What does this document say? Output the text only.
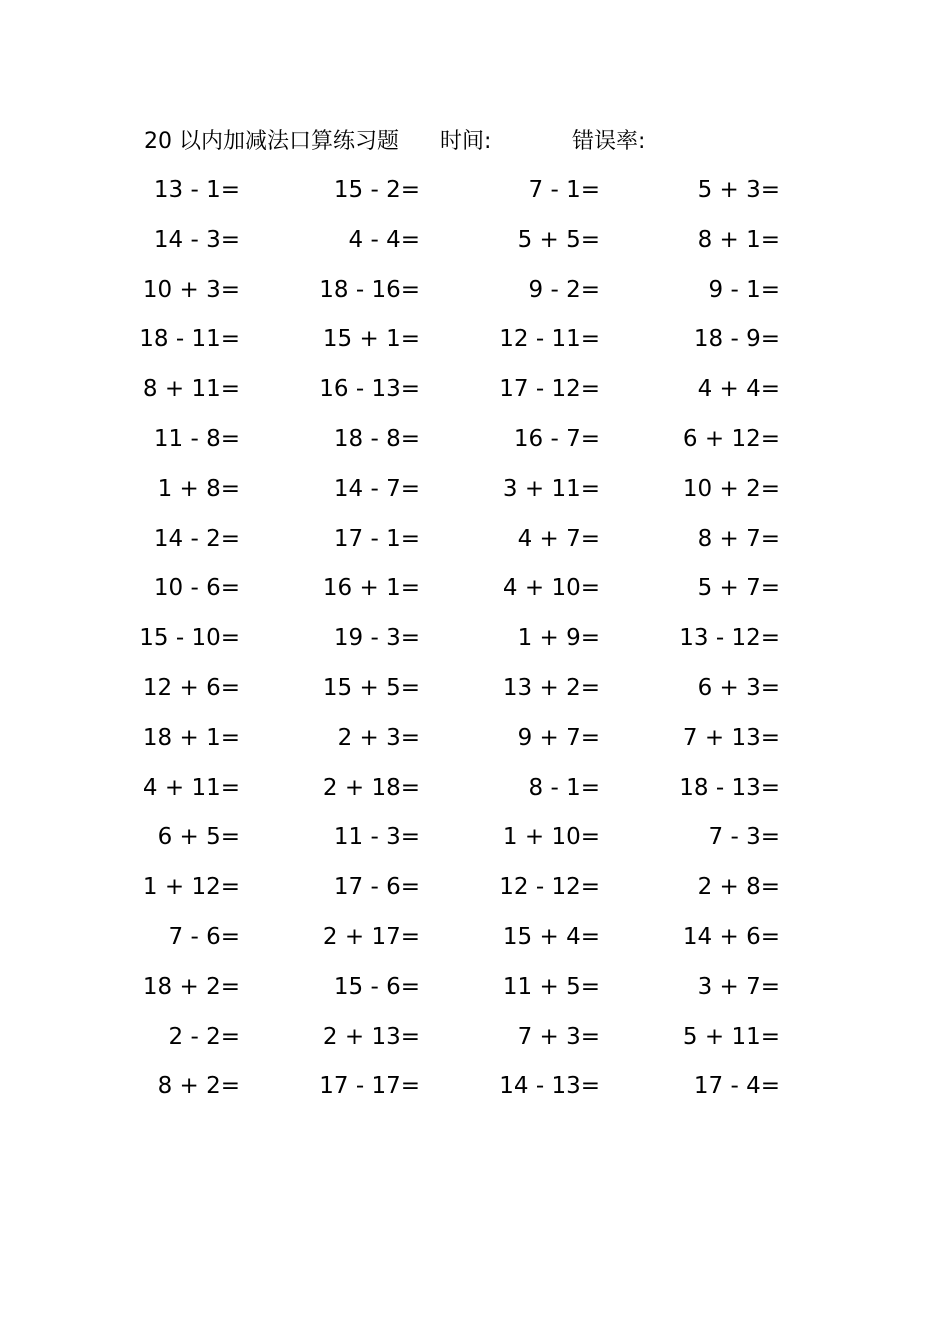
20 以内加减法口算练习题 时间:	错误率:
13 - 1=	15 - 2=	7 - 1=	5 + 3=
14 - 3=	4 - 4=	5 + 5=	8 + 1=
10 + 3=	18 - 16=	9 - 2=	9 - 1=
18 - 11=	15 + 1=	12 - 11=	18 - 9=
8 + 11=	16 - 13=	17 - 12=	4 + 4=
11 - 8=	18 - 8=	16 - 7=	6 + 12=
1 + 8=	14 - 7=	3 + 11=	10 + 2=
14 - 2=	17 - 1=	4 + 7=	8 + 7=
10 - 6=	16 + 1=	4 + 10=	5 + 7=
15 - 10=	19 - 3=	1 + 9=	13 - 12=
12 + 6=	15 + 5=	13 + 2=	6 + 3=
18 + 1=	2 + 3=	9 + 7=	7 + 13=
4 + 11=	2 + 18=	8 - 1=	18 - 13=
6 + 5=	11 - 3=	1 + 10=	7 - 3=
1 + 12=	17 - 6=	12 - 12=	2 + 8=
7 - 6=	2 + 17=	15 + 4=	14 + 6=
18 + 2=	15 - 6=	11 + 5=	3 + 7=
2 - 2=	2 + 13=	7 + 3=	5 + 11=
8 + 2=	17 - 17=	14 - 13=	17 - 4=
